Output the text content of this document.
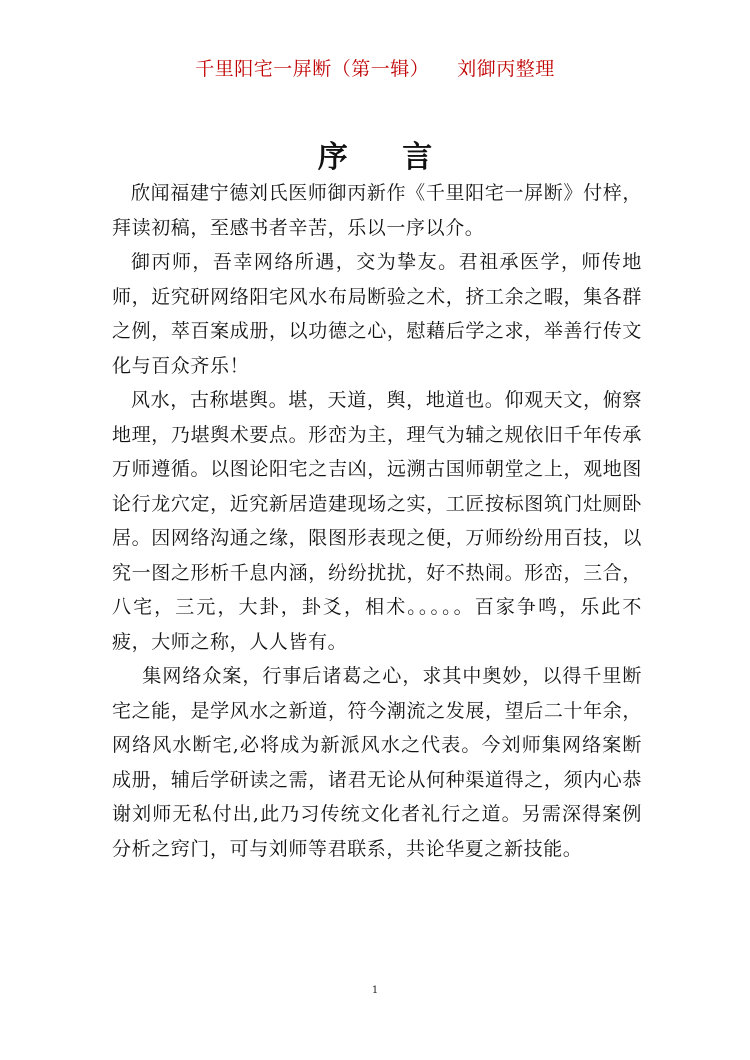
千里阳宅一屏断（第一辑） 刘御丙整理
序 言

欣闻福建宁德刘氏医师御丙新作《千里阳宅一屏断》付梓，拜读初稿，至感书者辛苦，乐以一序以介。

御丙师，吾幸网络所遇，交为挚友。君祖承医学，师传地师，近究研网络阳宅风水布局断验之术，挤工余之暇，集各群之例，萃百案成册，以功德之心，慰藉后学之求，举善行传文化与百众齐乐！

风水，古称堪舆。堪，天道，舆，地道也。仰观天文，俯察地理，乃堪舆术要点。形峦为主，理气为辅之规依旧千年传承万师遵循。以图论阳宅之吉凶，远溯古国师朝堂之上，观地图论行龙穴定，近究新居造建现场之实，工匠按标图筑门灶厕卧居。因网络沟通之缘，限图形表现之便，万师纷纷用百技，以究一图之形析千息内涵，纷纷扰扰，好不热闹。形峦，三合，八宅，三元，大卦，卦爻，相术。。。。。百家争鸣，乐此不疲，大师之称，人人皆有。

集网络众案，行事后诸葛之心，求其中奥妙，以得千里断宅之能，是学风水之新道，符今潮流之发展，望后二十年余，网络风水断宅,必将成为新派风水之代表。今刘师集网络案断成册，辅后学研读之需，诸君无论从何种渠道得之，须内心恭谢刘师无私付出,此乃习传统文化者礼行之道。另需深得案例分析之窍门，可与刘师等君联系，共论华夏之新技能。

1
